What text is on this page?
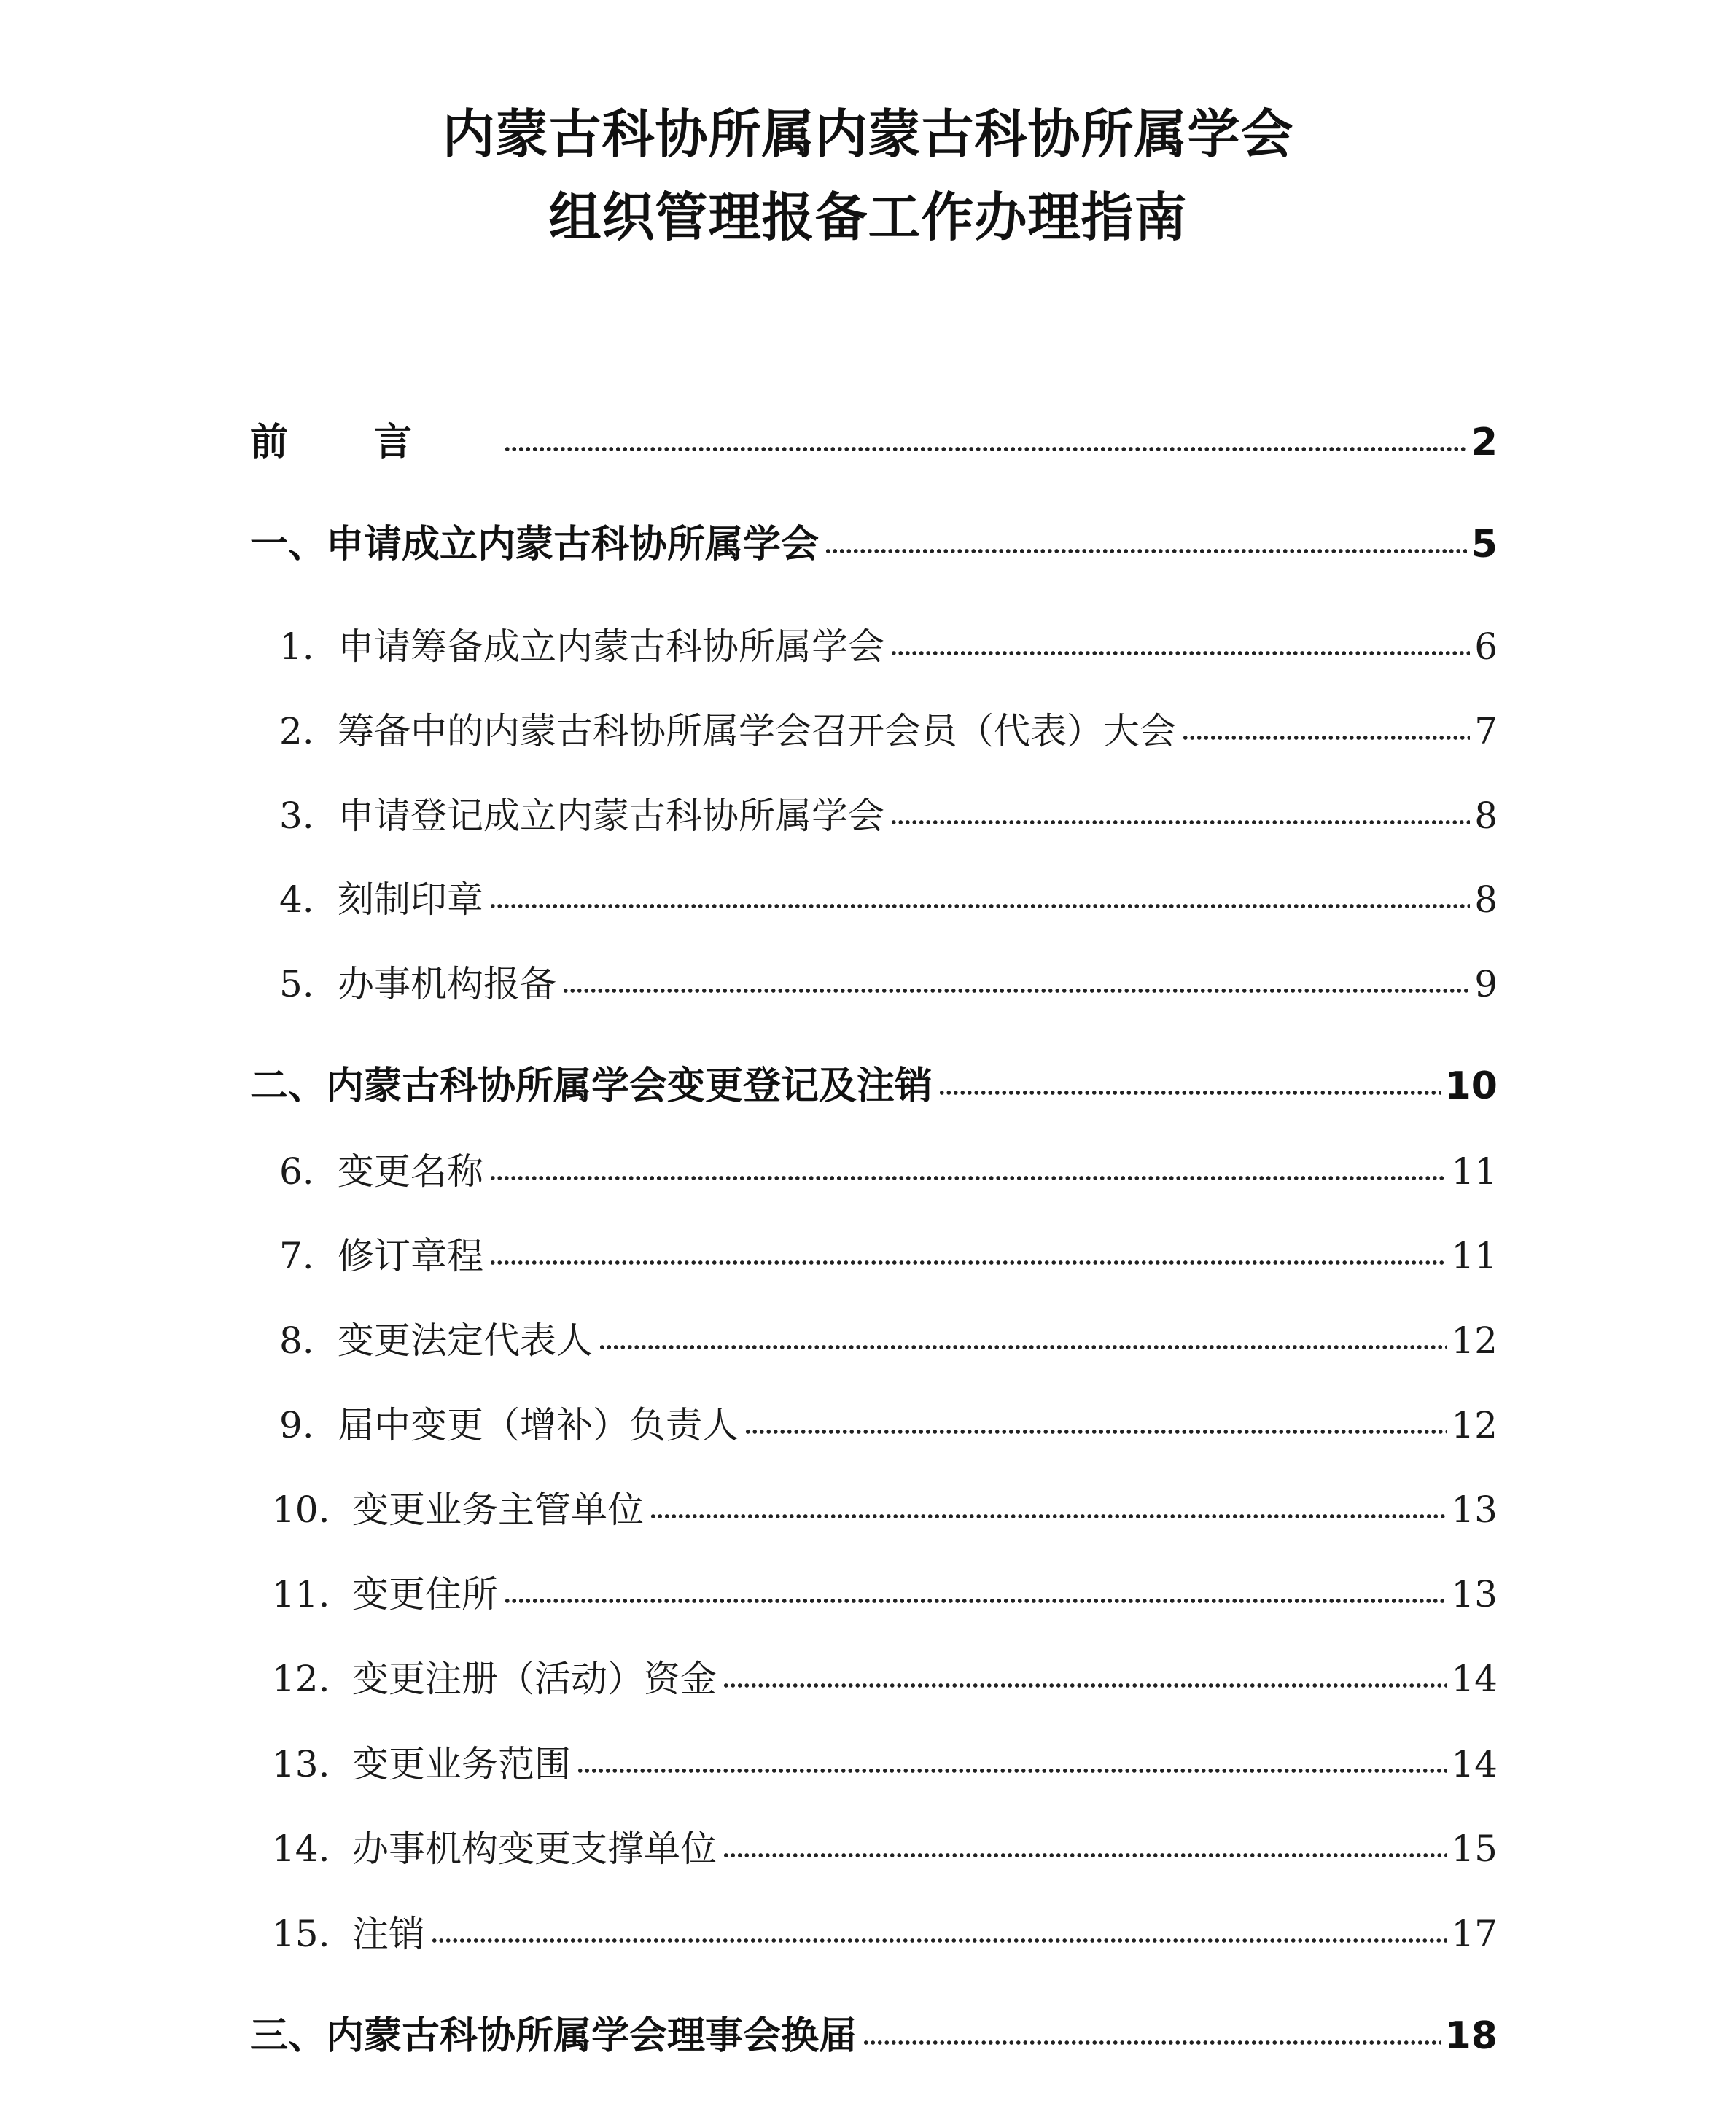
内蒙古科协所属内蒙古科协所属学会
组织管理报备工作办理指南
前言	2
一、申请成立内蒙古科协所属学会	5
1. 申请筹备成立内蒙古科协所属学会	6
2. 筹备中的内蒙古科协所属学会召开会员（代表）大会	7
3. 申请登记成立内蒙古科协所属学会	8
4. 刻制印章	8
5. 办事机构报备	9
二、内蒙古科协所属学会变更登记及注销	10
6. 变更名称	11
7. 修订章程	11
8. 变更法定代表人	12
9. 届中变更（增补）负责人	12
10. 变更业务主管单位	13
11. 变更住所	13
12. 变更注册（活动）资金	14
13. 变更业务范围	14
14. 办事机构变更支撑单位	15
15. 注销	17
三、内蒙古科协所属学会理事会换届	18
